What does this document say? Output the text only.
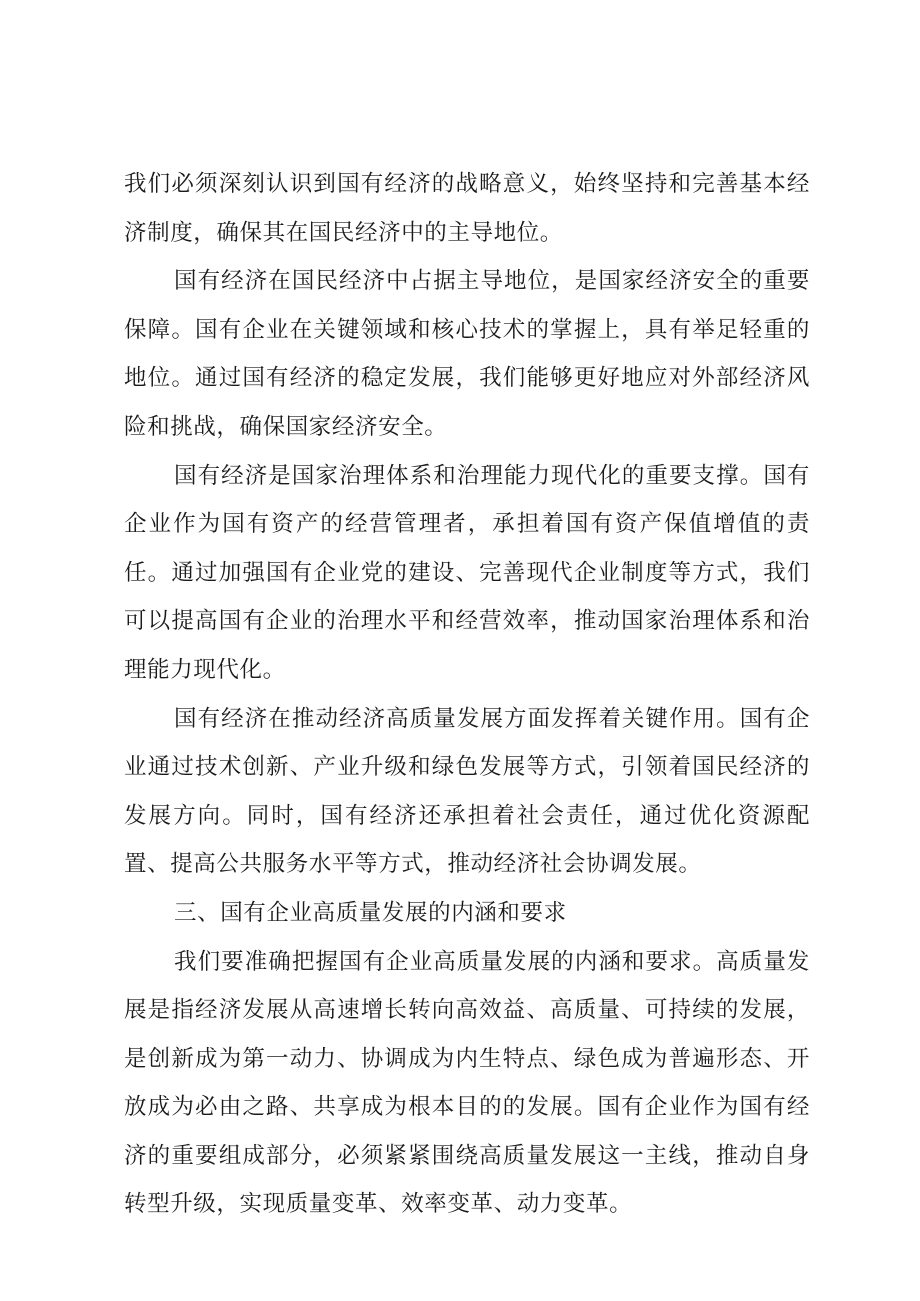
我们必须深刻认识到国有经济的战略意义，始终坚持和完善基本经济制度，确保其在国民经济中的主导地位。

国有经济在国民经济中占据主导地位，是国家经济安全的重要保障。国有企业在关键领域和核心技术的掌握上，具有举足轻重的地位。通过国有经济的稳定发展，我们能够更好地应对外部经济风险和挑战，确保国家经济安全。

国有经济是国家治理体系和治理能力现代化的重要支撑。国有企业作为国有资产的经营管理者，承担着国有资产保值增值的责任。通过加强国有企业党的建设、完善现代企业制度等方式，我们可以提高国有企业的治理水平和经营效率，推动国家治理体系和治理能力现代化。

国有经济在推动经济高质量发展方面发挥着关键作用。国有企业通过技术创新、产业升级和绿色发展等方式，引领着国民经济的发展方向。同时，国有经济还承担着社会责任，通过优化资源配置、提高公共服务水平等方式，推动经济社会协调发展。

三、国有企业高质量发展的内涵和要求

我们要准确把握国有企业高质量发展的内涵和要求。高质量发展是指经济发展从高速增长转向高效益、高质量、可持续的发展，是创新成为第一动力、协调成为内生特点、绿色成为普遍形态、开放成为必由之路、共享成为根本目的的发展。国有企业作为国有经济的重要组成部分，必须紧紧围绕高质量发展这一主线，推动自身转型升级，实现质量变革、效率变革、动力变革。
